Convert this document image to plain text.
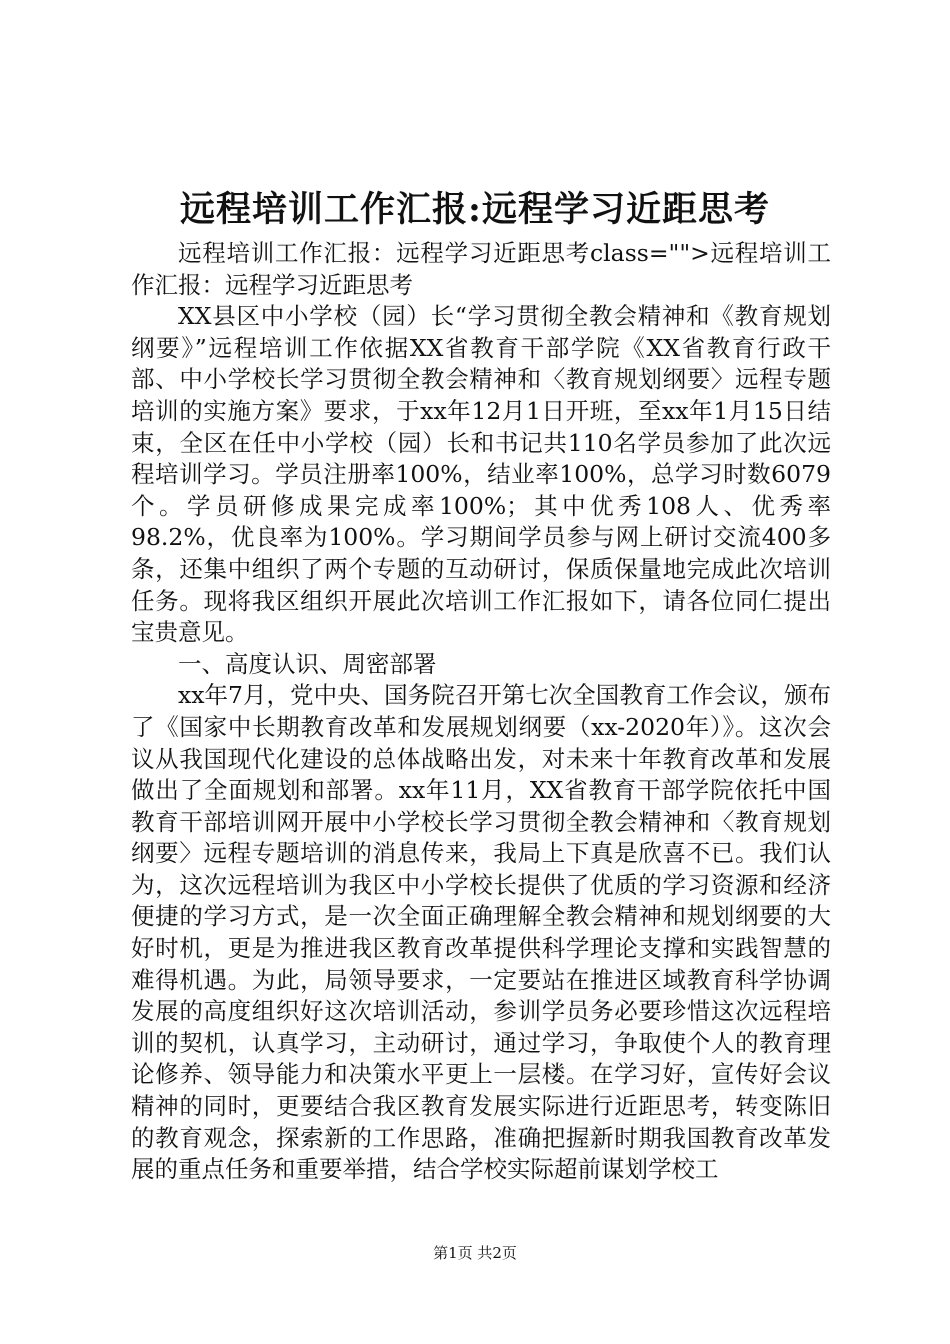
远程培训工作汇报:远程学习近距思考

远程培训工作汇报：远程学习近距思考class="">远程培训工作汇报：远程学习近距思考

XX县区中小学校（园）长“学习贯彻全教会精神和《教育规划纲要》”远程培训工作依据XX省教育干部学院《XX省教育行政干部、中小学校长学习贯彻全教会精神和〈教育规划纲要〉远程专题培训的实施方案》要求，于xx年12月1日开班，至xx年1月15日结束，全区在任中小学校（园）长和书记共110名学员参加了此次远程培训学习。学员注册率100%，结业率100%，总学习时数6079个。学员研修成果完成率100%；其中优秀108人、优秀率98.2%，优良率为100%。学习期间学员参与网上研讨交流400多条，还集中组织了两个专题的互动研讨，保质保量地完成此次培训任务。现将我区组织开展此次培训工作汇报如下，请各位同仁提出宝贵意见。

一、高度认识、周密部署

xx年7月，党中央、国务院召开第七次全国教育工作会议，颁布了《国家中长期教育改革和发展规划纲要（xx-2020年）》。这次会议从我国现代化建设的总体战略出发，对未来十年教育改革和发展做出了全面规划和部署。xx年11月，XX省教育干部学院依托中国教育干部培训网开展中小学校长学习贯彻全教会精神和〈教育规划纲要〉远程专题培训的消息传来，我局上下真是欣喜不已。我们认为，这次远程培训为我区中小学校长提供了优质的学习资源和经济便捷的学习方式，是一次全面正确理解全教会精神和规划纲要的大好时机，更是为推进我区教育改革提供科学理论支撑和实践智慧的难得机遇。为此，局领导要求，一定要站在推进区域教育科学协调发展的高度组织好这次培训活动，参训学员务必要珍惜这次远程培训的契机，认真学习，主动研讨，通过学习，争取使个人的教育理论修养、领导能力和决策水平更上一层楼。在学习好，宣传好会议精神的同时，更要结合我区教育发展实际进行近距思考，转变陈旧的教育观念，探索新的工作思路，准确把握新时期我国教育改革发展的重点任务和重要举措，结合学校实际超前谋划学校工

第1页 共2页
